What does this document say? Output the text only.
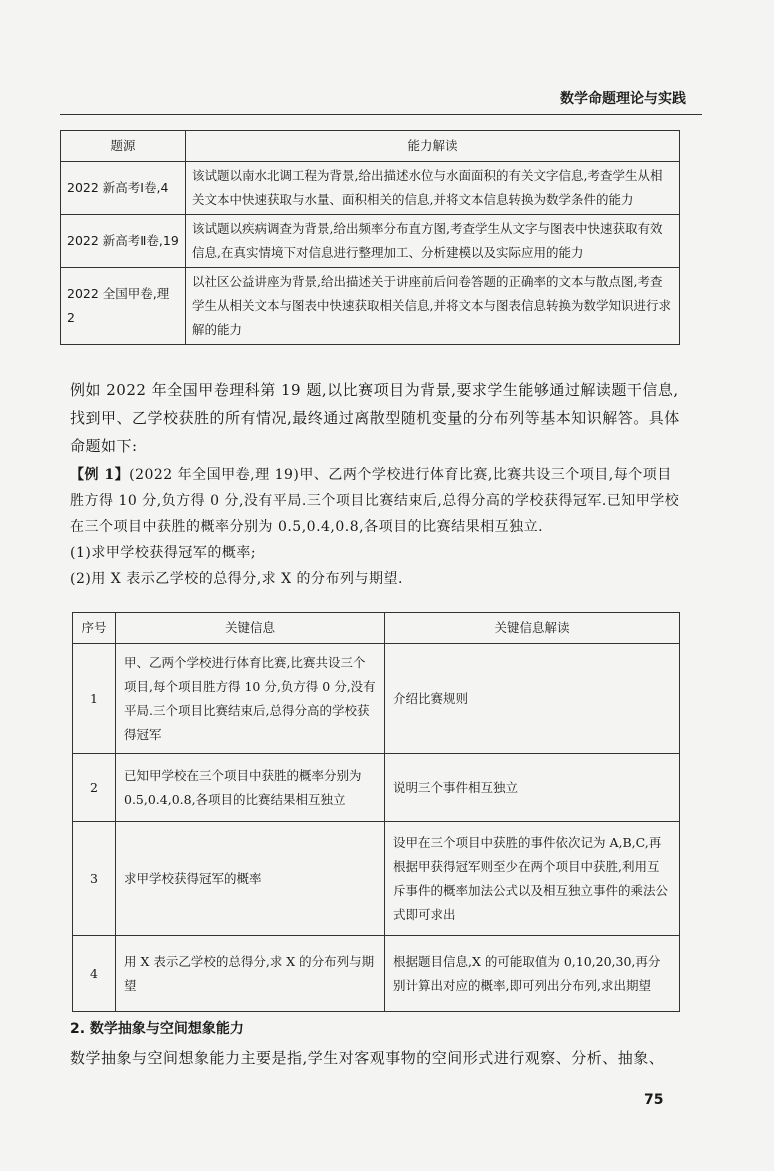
数学命题理论与实践
题源	能力解读
2022 新高考Ⅰ卷,4	该试题以南水北调工程为背景,给出描述水位与水面面积的有关文字信息,考查学生从相关文本中快速获取与水量、面积相关的信息,并将文本信息转换为数学条件的能力
2022 新高考Ⅱ卷,19	该试题以疾病调查为背景,给出频率分布直方图,考查学生从文字与图表中快速获取有效信息,在真实情境下对信息进行整理加工、分析建模以及实际应用的能力
2022 全国甲卷,理 2	以社区公益讲座为背景,给出描述关于讲座前后问卷答题的正确率的文本与散点图,考查学生从相关文本与图表中快速获取相关信息,并将文本与图表信息转换为数学知识进行求解的能力
例如 2022 年全国甲卷理科第 19 题,以比赛项目为背景,要求学生能够通过解读题干信息,找到甲、乙学校获胜的所有情况,最终通过离散型随机变量的分布列等基本知识解答。具体命题如下:
【例 1】(2022 年全国甲卷,理 19)甲、乙两个学校进行体育比赛,比赛共设三个项目,每个项目胜方得 10 分,负方得 0 分,没有平局.三个项目比赛结束后,总得分高的学校获得冠军.已知甲学校在三个项目中获胜的概率分别为 0.5,0.4,0.8,各项目的比赛结果相互独立.
(1)求甲学校获得冠军的概率;
(2)用 X 表示乙学校的总得分,求 X 的分布列与期望.
序号	关键信息	关键信息解读
1	甲、乙两个学校进行体育比赛,比赛共设三个项目,每个项目胜方得 10 分,负方得 0 分,没有平局.三个项目比赛结束后,总得分高的学校获得冠军	介绍比赛规则
2	已知甲学校在三个项目中获胜的概率分别为 0.5,0.4,0.8,各项目的比赛结果相互独立	说明三个事件相互独立
3	求甲学校获得冠军的概率	设甲在三个项目中获胜的事件依次记为 A,B,C,再根据甲获得冠军则至少在两个项目中获胜,利用互斥事件的概率加法公式以及相互独立事件的乘法公式即可求出
4	用 X 表示乙学校的总得分,求 X 的分布列与期望	根据题目信息,X 的可能取值为 0,10,20,30,再分别计算出对应的概率,即可列出分布列,求出期望
2. 数学抽象与空间想象能力
数学抽象与空间想象能力主要是指,学生对客观事物的空间形式进行观察、分析、抽象、
75
